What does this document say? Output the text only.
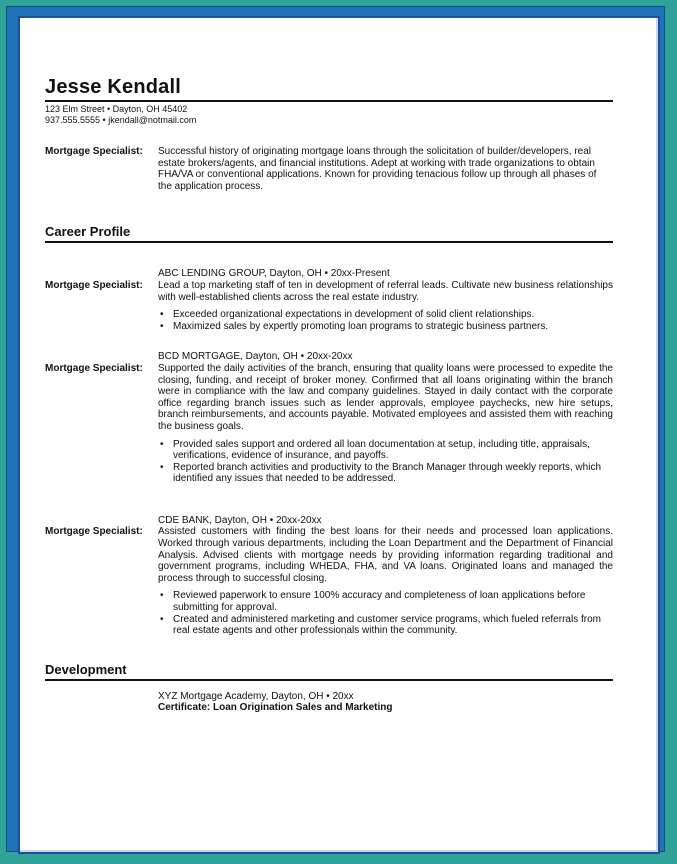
Jesse Kendall
123 Elm Street • Dayton, OH 45402
937.555.5555 • jkendall@notmail.com
Mortgage Specialist:	Successful history of originating mortgage loans through the solicitation of builder/developers, real estate brokers/agents, and financial institutions. Adept at working with trade organizations to obtain FHA/VA or conventional applications. Known for providing tenacious follow up through all phases of the application process.
Career Profile
ABC LENDING GROUP, Dayton, OH • 20xx-Present
Mortgage Specialist:	Lead a top marketing staff of ten in development of referral leads. Cultivate new business relationships with well-established clients across the real estate industry.

• Exceeded organizational expectations in development of solid client relationships.
• Maximized sales by expertly promoting loan programs to strategic business partners.
BCD MORTGAGE, Dayton, OH • 20xx-20xx
Mortgage Specialist:	Supported the daily activities of the branch, ensuring that quality loans were processed to expedite the closing, funding, and receipt of broker money. Confirmed that all loans originating within the branch were in compliance with the law and company guidelines. Stayed in daily contact with the corporate office regarding branch issues such as lender approvals, employee paychecks, new hire setups, branch reimbursements, and accounts payable. Motivated employees and assisted them with reaching the business goals.

• Provided sales support and ordered all loan documentation at setup, including title, appraisals, verifications, evidence of insurance, and payoffs.
• Reported branch activities and productivity to the Branch Manager through weekly reports, which identified any issues that needed to be addressed.
CDE BANK, Dayton, OH • 20xx-20xx
Mortgage Specialist:	Assisted customers with finding the best loans for their needs and processed loan applications. Worked through various departments, including the Loan Department and the Department of Financial Analysis. Advised clients with mortgage needs by providing information regarding traditional and government programs, including WHEDA, FHA, and VA loans. Originated loans and managed the process through to successful closing.

• Reviewed paperwork to ensure 100% accuracy and completeness of loan applications before submitting for approval.
• Created and administered marketing and customer service programs, which fueled referrals from real estate agents and other professionals within the community.
Development
XYZ Mortgage Academy, Dayton, OH • 20xx
Certificate: Loan Origination Sales and Marketing
